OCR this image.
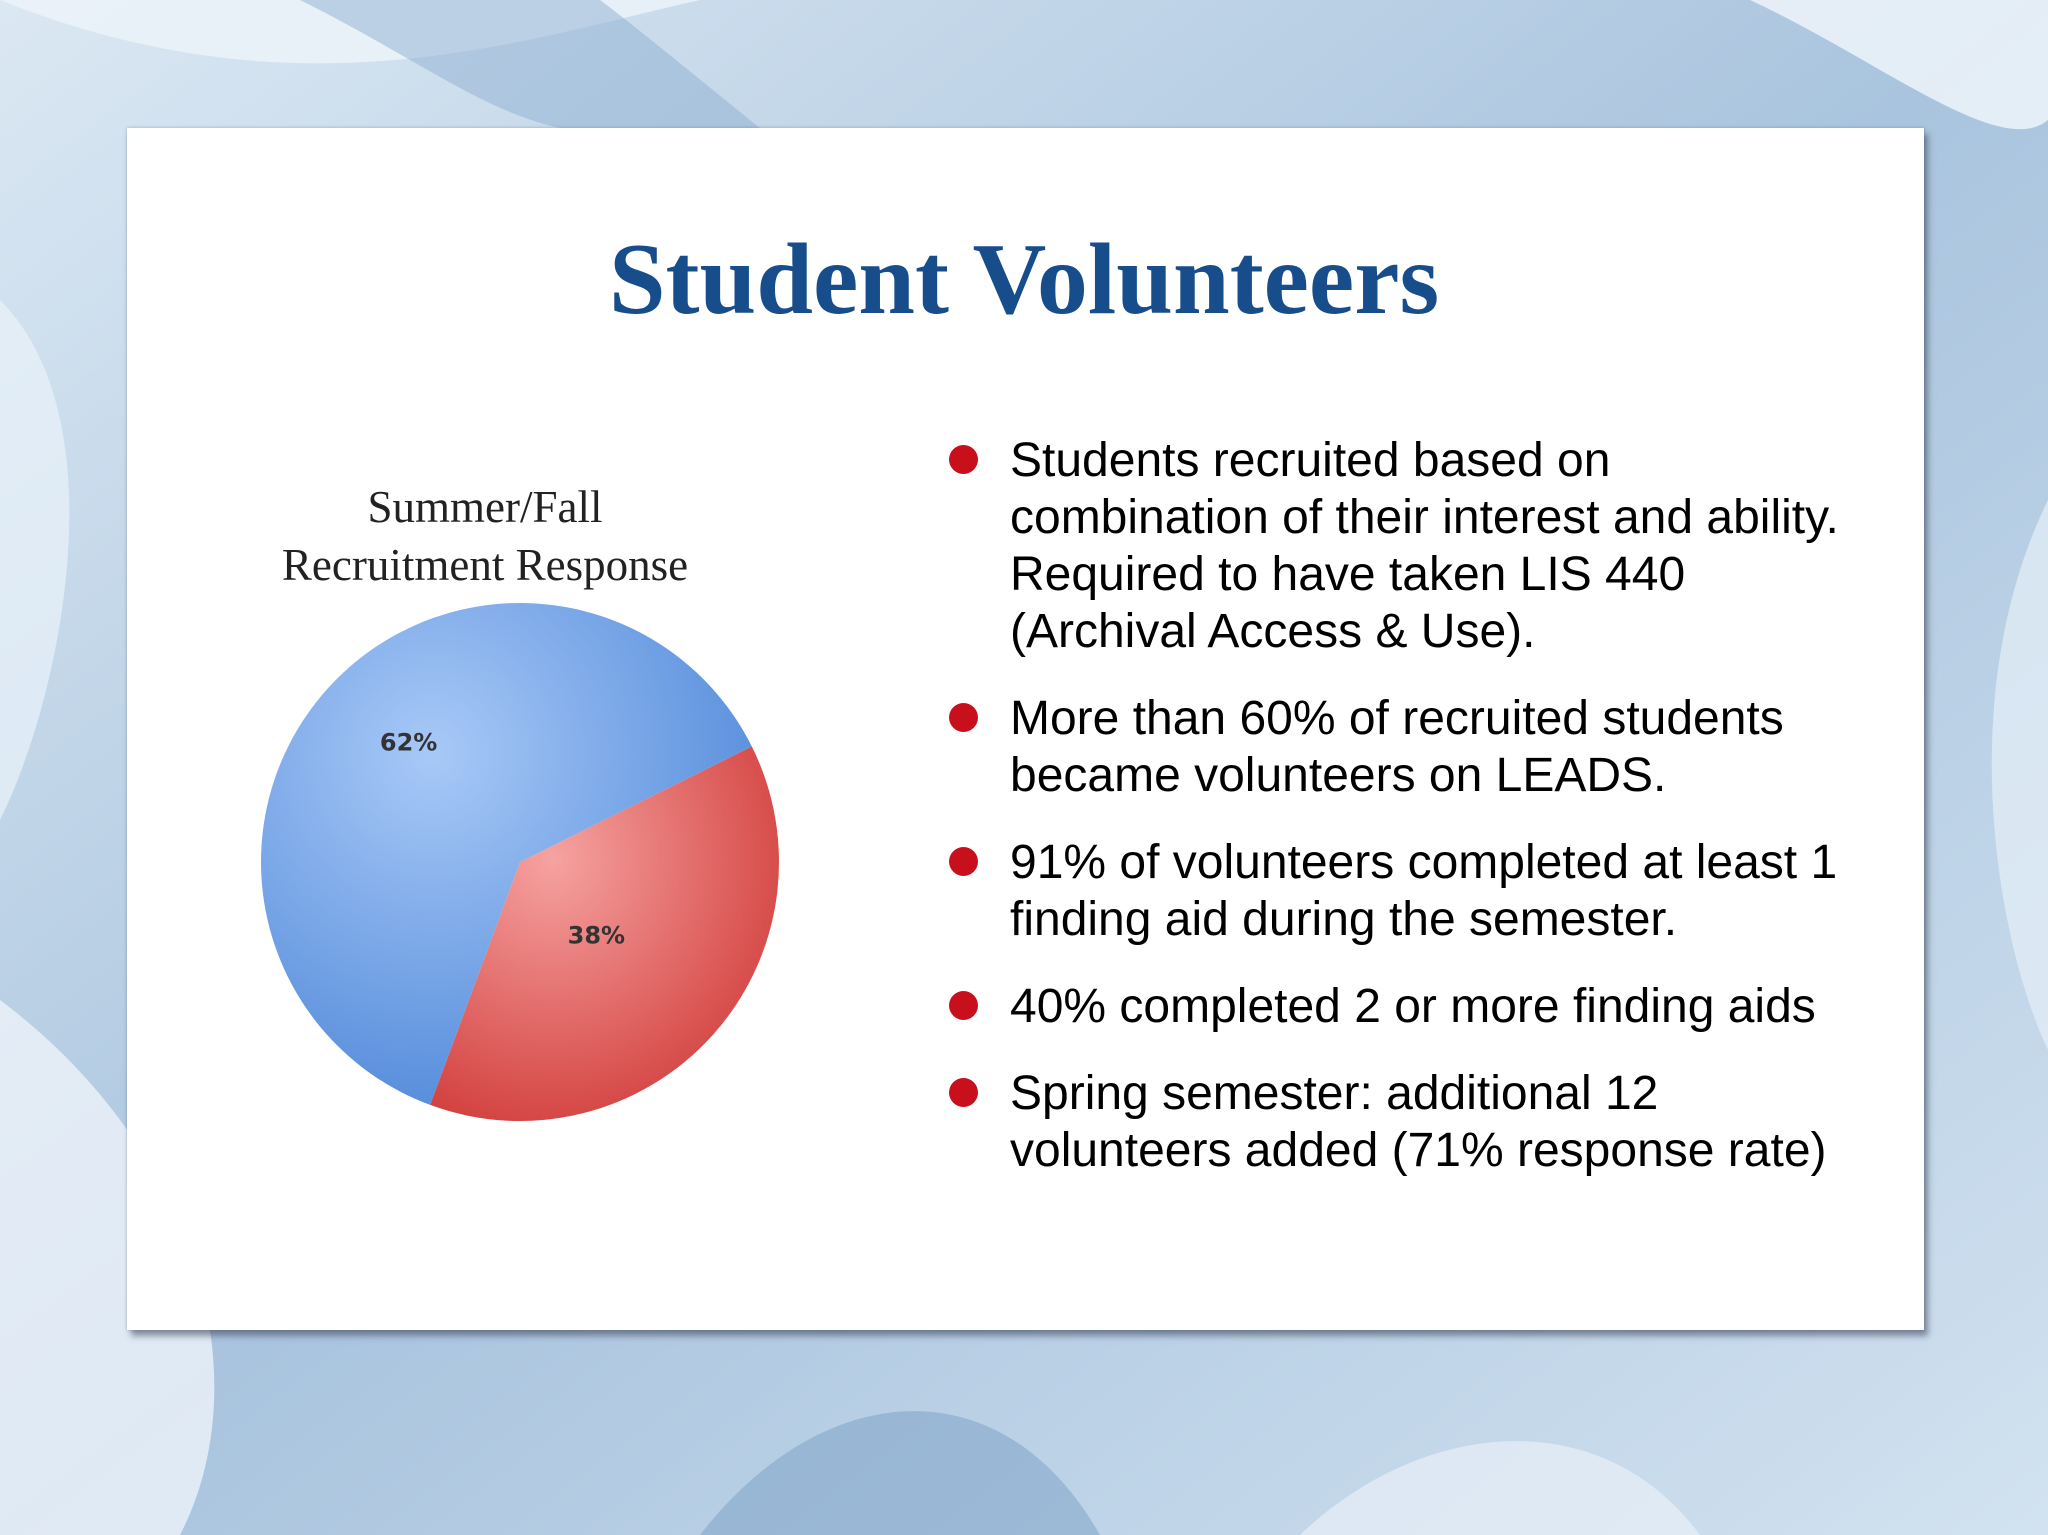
Student Volunteers
Summer/Fall
Recruitment Response
38%
62%
Students recruited based on
combination of their interest and ability.
Required to have taken LIS 440
(Archival Access & Use).
More than 60% of recruited students
became volunteers on LEADS.
91% of volunteers completed at least 1
finding aid during the semester.
40% completed 2 or more finding aids
Spring semester: additional 12
volunteers added (71% response rate)
